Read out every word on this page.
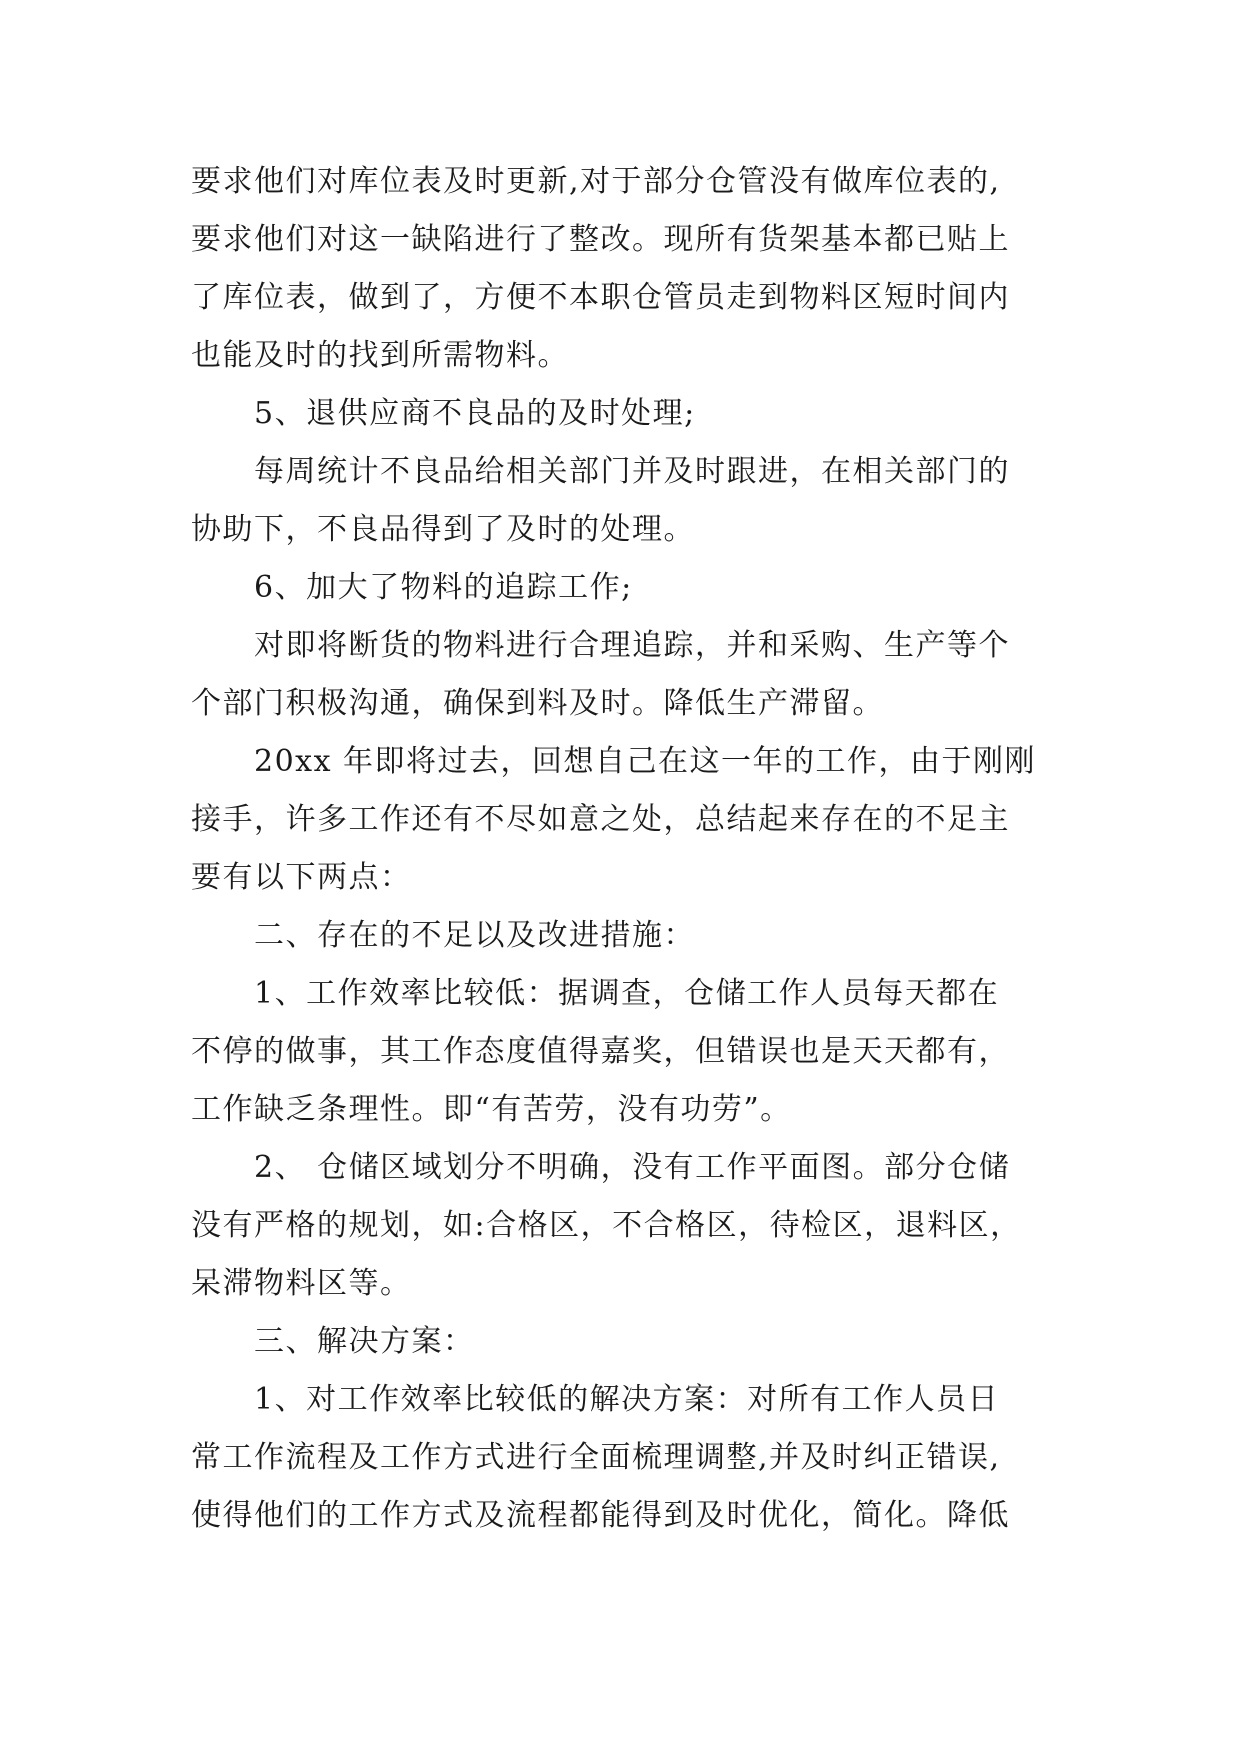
要求他们对库位表及时更新,对于部分仓管没有做库位表的,
要求他们对这一缺陷进行了整改。现所有货架基本都已贴上
了库位表，做到了，方便不本职仓管员走到物料区短时间内
也能及时的找到所需物料。
5、退供应商不良品的及时处理;
每周统计不良品给相关部门并及时跟进，在相关部门的
协助下，不良品得到了及时的处理。
6、加大了物料的追踪工作;
对即将断货的物料进行合理追踪，并和采购、生产等个
个部门积极沟通，确保到料及时。降低生产滞留。
20xx 年即将过去，回想自己在这一年的工作，由于刚刚
接手，许多工作还有不尽如意之处，总结起来存在的不足主
要有以下两点：
二、存在的不足以及改进措施：
1、工作效率比较低：据调查，仓储工作人员每天都在
不停的做事，其工作态度值得嘉奖，但错误也是天天都有，
工作缺乏条理性。即“有苦劳，没有功劳”。
2、 仓储区域划分不明确，没有工作平面图。部分仓储
没有严格的规划，如:合格区，不合格区，待检区，退料区，
呆滞物料区等。
三、解决方案：
1、对工作效率比较低的解决方案：对所有工作人员日
常工作流程及工作方式进行全面梳理调整,并及时纠正错误,
使得他们的工作方式及流程都能得到及时优化，简化。降低
